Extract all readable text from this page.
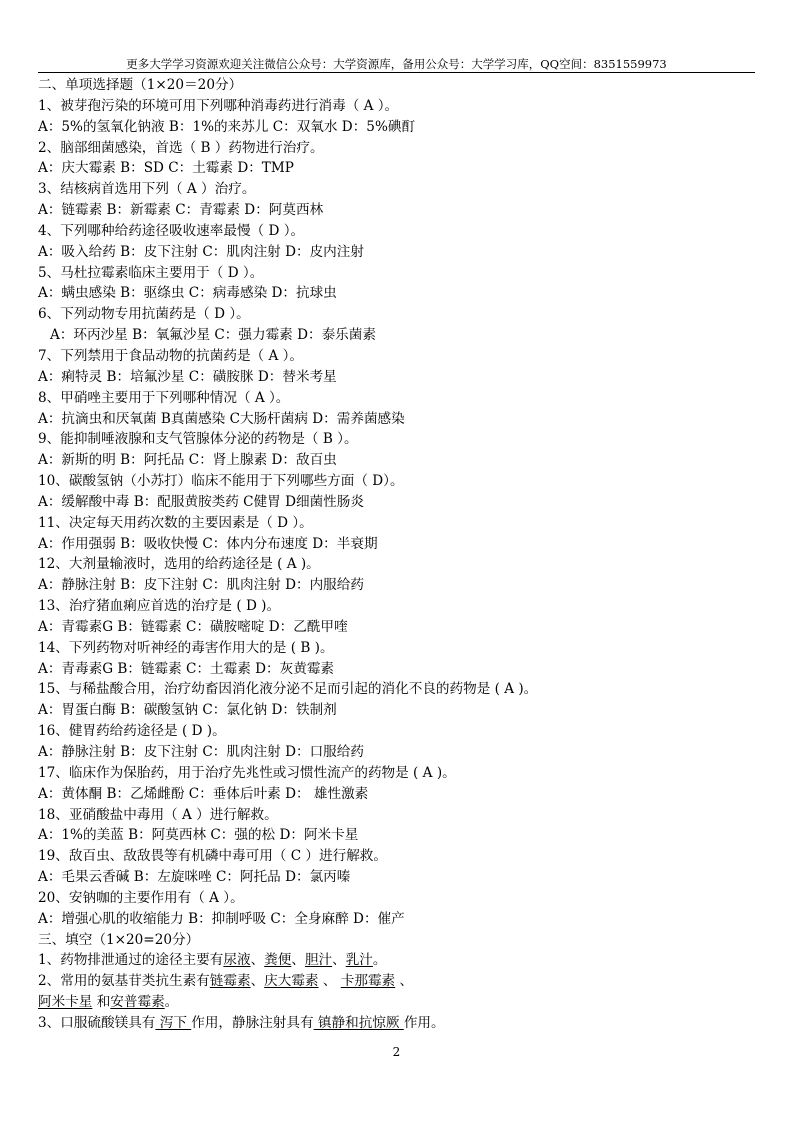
更多大学学习资源欢迎关注微信公众号：大学资源库，备用公众号：大学学习库，QQ空间：8351559973
二、单项选择题（1×20＝20分）
1、被芽孢污染的环境可用下列哪种消毒药进行消毒（ A ）。
A：5%的氢氧化钠液 B：1%的来苏儿 C：双氧水 D：5%碘酊
2、脑部细菌感染，首选（ B ）药物进行治疗。
A：庆大霉素 B：SD C：土霉素 D：TMP
3、结核病首选用下列（ A ）治疗。
A：链霉素 B：新霉素 C：青霉素 D：阿莫西林
4、下列哪种给药途径吸收速率最慢（ D ）。
A：吸入给药 B：皮下注射 C：肌肉注射 D：皮内注射
5、马杜拉霉素临床主要用于（ D ）。
A：螨虫感染 B：驱绦虫 C：病毒感染 D：抗球虫
6、下列动物专用抗菌药是（ D ）。
A：环丙沙星 B：氧氟沙星 C：强力霉素 D：泰乐菌素
7、下列禁用于食品动物的抗菌药是（ A ）。
A：痢特灵 B：培氟沙星 C：磺胺脒 D：替米考星
8、甲硝唑主要用于下列哪种情况（ A ）。
A：抗滴虫和厌氧菌 B真菌感染 C大肠杆菌病 D：需养菌感染
9、能抑制唾液腺和支气管腺体分泌的药物是（ B ）。
A：新斯的明 B：阿托品 C：肾上腺素 D：敌百虫
10、碳酸氢钠（小苏打）临床不能用于下列哪些方面（ D）。
A：缓解酸中毒 B：配服黄胺类药 C健胃 D细菌性肠炎
11、决定每天用药次数的主要因素是（ D ）。
A：作用强弱 B：吸收快慢 C：体内分布速度 D：半衰期
12、大剂量输液时，选用的给药途径是 ( A )。
A：静脉注射 B：皮下注射 C：肌肉注射 D：内服给药
13、治疗猪血痢应首选的治疗是 ( D )。
A：青霉素G B：链霉素 C：磺胺嘧啶 D：乙酰甲喹
14、下列药物对听神经的毒害作用大的是 ( B )。
A：青毒素G B：链霉素 C：土霉素 D：灰黄霉素
15、与稀盐酸合用，治疗幼畜因消化液分泌不足而引起的消化不良的药物是 ( A )。
A：胃蛋白酶 B：碳酸氢钠 C：氯化钠 D：铁制剂
16、健胃药给药途径是 ( D )。
A：静脉注射 B：皮下注射 C：肌肉注射 D：口服给药
17、临床作为保胎药，用于治疗先兆性或习惯性流产的药物是 ( A )。
A：黄体酮 B：乙烯雌酚 C：垂体后叶素 D： 雄性激素
18、亚硝酸盐中毒用（ A ）进行解救。
A：1%的美蓝 B：阿莫西林 C：强的松 D：阿米卡星
19、敌百虫、敌敌畏等有机磷中毒可用（ C ）进行解救。
A：毛果云香碱 B：左旋咪唑 C：阿托品 D：氯丙嗪
20、安钠咖的主要作用有（ A ）。
A：增强心肌的收缩能力 B：抑制呼吸 C：全身麻醉 D：催产
三、填空（1×20=20分）
1、药物排泄通过的途径主要有尿液、粪便、胆汁、乳汁。
2、常用的氨基苷类抗生素有链霉素、庆大霉素 、 卡那霉素 、
阿米卡星 和安普霉素。
3、口服硫酸镁具有 泻下 作用，静脉注射具有 镇静和抗惊厥 作用。
2
